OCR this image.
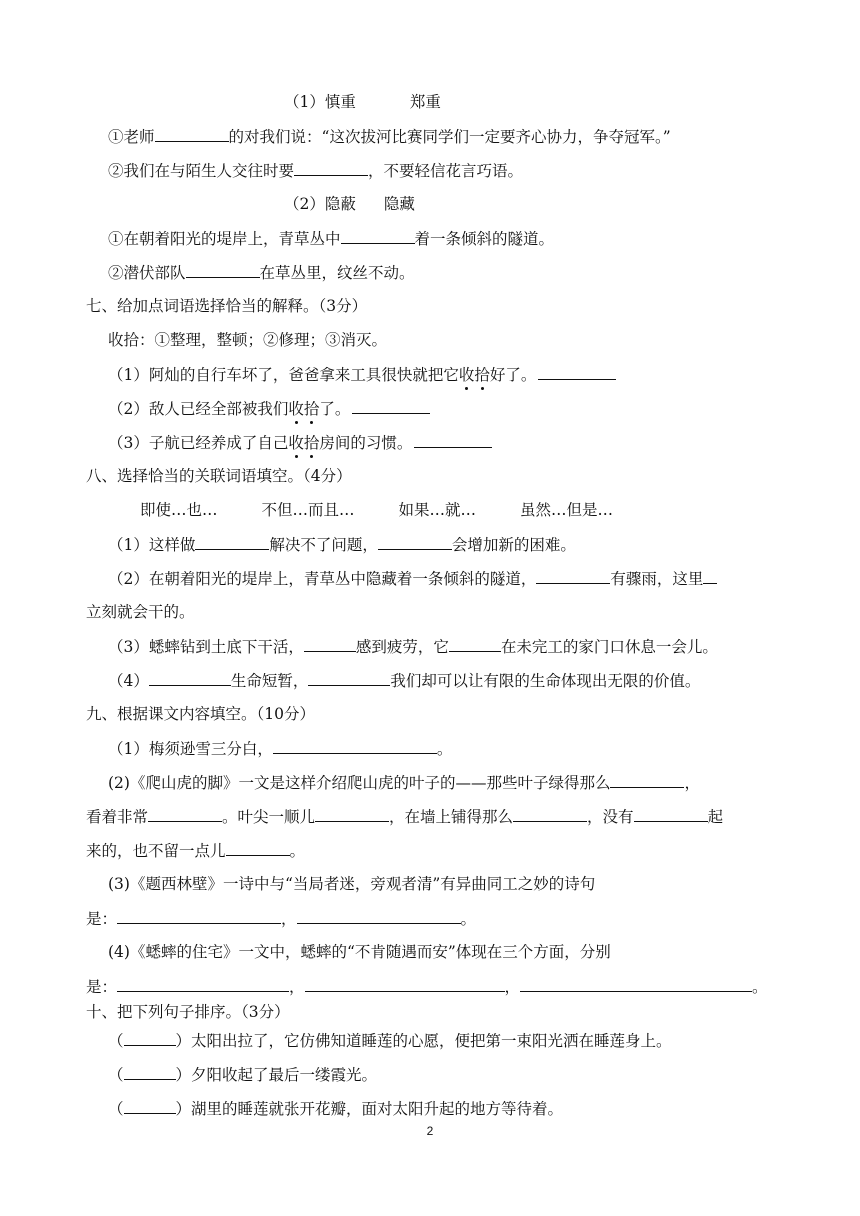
（1）慎重	郑重
①老师	的对我们说：“这次拔河比赛同学们一定要齐心协力，争夺冠军。”
②我们在与陌生人交往时要	，不要轻信花言巧语。
（2）隐蔽 隐藏
①在朝着阳光的堤岸上，青草丛中	着一条倾斜的隧道。
②潜伏部队	在草丛里，纹丝不动。
七、给加点词语选择恰当的解释。（3分）
收拾：①整理，整顿；②修理；③消灭。
（1）阿灿的自行车坏了，爸爸拿来工具很快就把它收拾好了。
（2）敌人已经全部被我们收拾了。
（3）子航已经养成了自己收拾房间的习惯。
八、选择恰当的关联词语填空。（4分）
即使…也…	不但…而且…	如果…就…	虽然…但是…
（1）这样做	解决不了问题，	会增加新的困难。
（2）在朝着阳光的堤岸上，青草丛中隐藏着一条倾斜的隧道，	有骤雨，这里
立刻就会干的。
（3）蟋蟀钻到土底下干活，	感到疲劳，它	在未完工的家门口休息一会儿。
（4）	生命短暂，	我们却可以让有限的生命体现出无限的价值。
九、根据课文内容填空。（10分）
（1）梅须逊雪三分白，	。
(2)《爬山虎的脚》一文是这样介绍爬山虎的叶子的——那些叶子绿得那么	，
看着非常	。叶尖一顺儿	，在墙上铺得那么	，没有	起
来的，也不留一点儿	。
(3)《题西林壁》一诗中与“当局者迷，旁观者清”有异曲同工之妙的诗句
是：	，	。
(4)《蟋蟀的住宅》一文中，蟋蟀的“不肯随遇而安”体现在三个方面，分别
是：	，	，	。
十、把下列句子排序。（3分）
（	）太阳出拉了，它仿佛知道睡莲的心愿，便把第一束阳光洒在睡莲身上。
（	）夕阳收起了最后一缕霞光。
（	）湖里的睡莲就张开花瓣，面对太阳升起的地方等待着。
2
